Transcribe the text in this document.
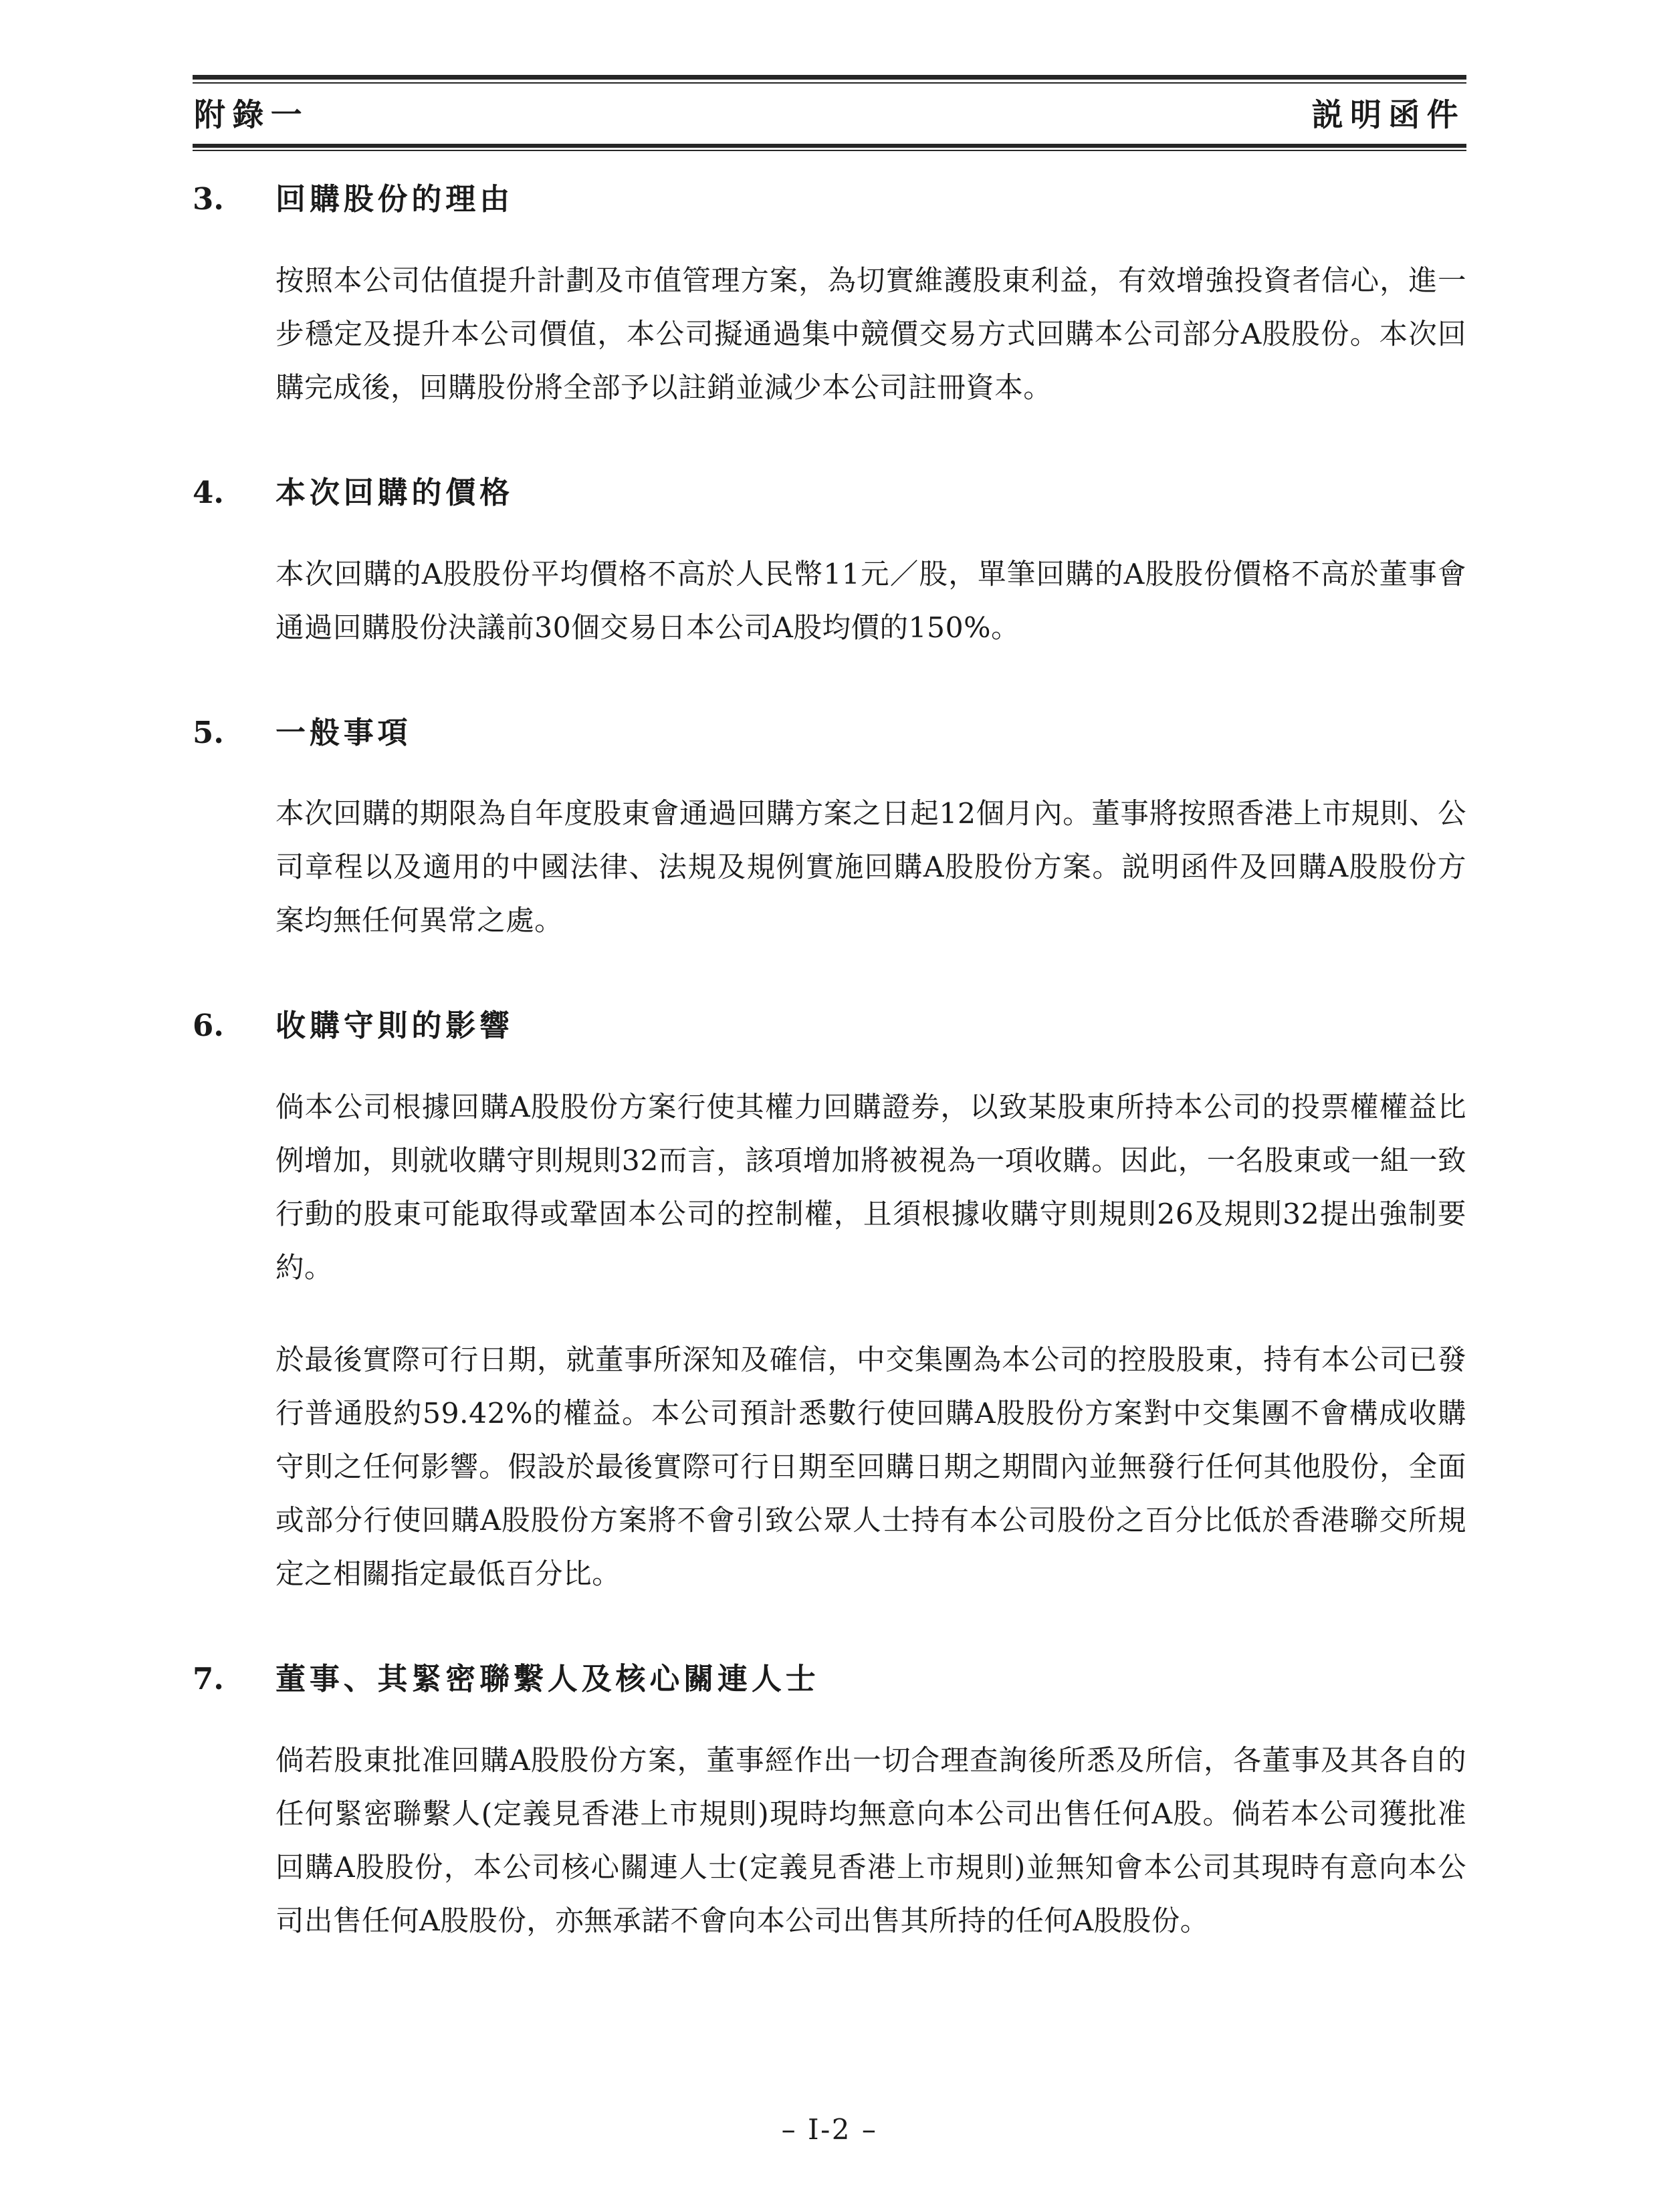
附錄一	説明函件
3.	回購股份的理由

按照本公司估值提升計劃及市值管理方案，為切實維護股東利益，有效增強投資者信心，進一步穩定及提升本公司價值，本公司擬通過集中競價交易方式回購本公司部分A股股份。本次回購完成後，回購股份將全部予以註銷並減少本公司註冊資本。

4.	本次回購的價格

本次回購的A股股份平均價格不高於人民幣11元／股，單筆回購的A股股份價格不高於董事會通過回購股份決議前30個交易日本公司A股均價的150%。

5.	一般事項

本次回購的期限為自年度股東會通過回購方案之日起12個月內。董事將按照香港上市規則、公司章程以及適用的中國法律、法規及規例實施回購A股股份方案。説明函件及回購A股股份方案均無任何異常之處。

6.	收購守則的影響

倘本公司根據回購A股股份方案行使其權力回購證券，以致某股東所持本公司的投票權權益比例增加，則就收購守則規則32而言，該項增加將被視為一項收購。因此，一名股東或一組一致行動的股東可能取得或鞏固本公司的控制權，且須根據收購守則規則26及規則32提出強制要約。

於最後實際可行日期，就董事所深知及確信，中交集團為本公司的控股股東，持有本公司已發行普通股約59.42%的權益。本公司預計悉數行使回購A股股份方案對中交集團不會構成收購守則之任何影響。假設於最後實際可行日期至回購日期之期間內並無發行任何其他股份，全面或部分行使回購A股股份方案將不會引致公眾人士持有本公司股份之百分比低於香港聯交所規定之相關指定最低百分比。

7.	董事、其緊密聯繫人及核心關連人士

倘若股東批准回購A股股份方案，董事經作出一切合理查詢後所悉及所信，各董事及其各自的任何緊密聯繫人(定義見香港上市規則)現時均無意向本公司出售任何A股。倘若本公司獲批准回購A股股份，本公司核心關連人士(定義見香港上市規則)並無知會本公司其現時有意向本公司出售任何A股股份，亦無承諾不會向本公司出售其所持的任何A股股份。

– I-2 –
